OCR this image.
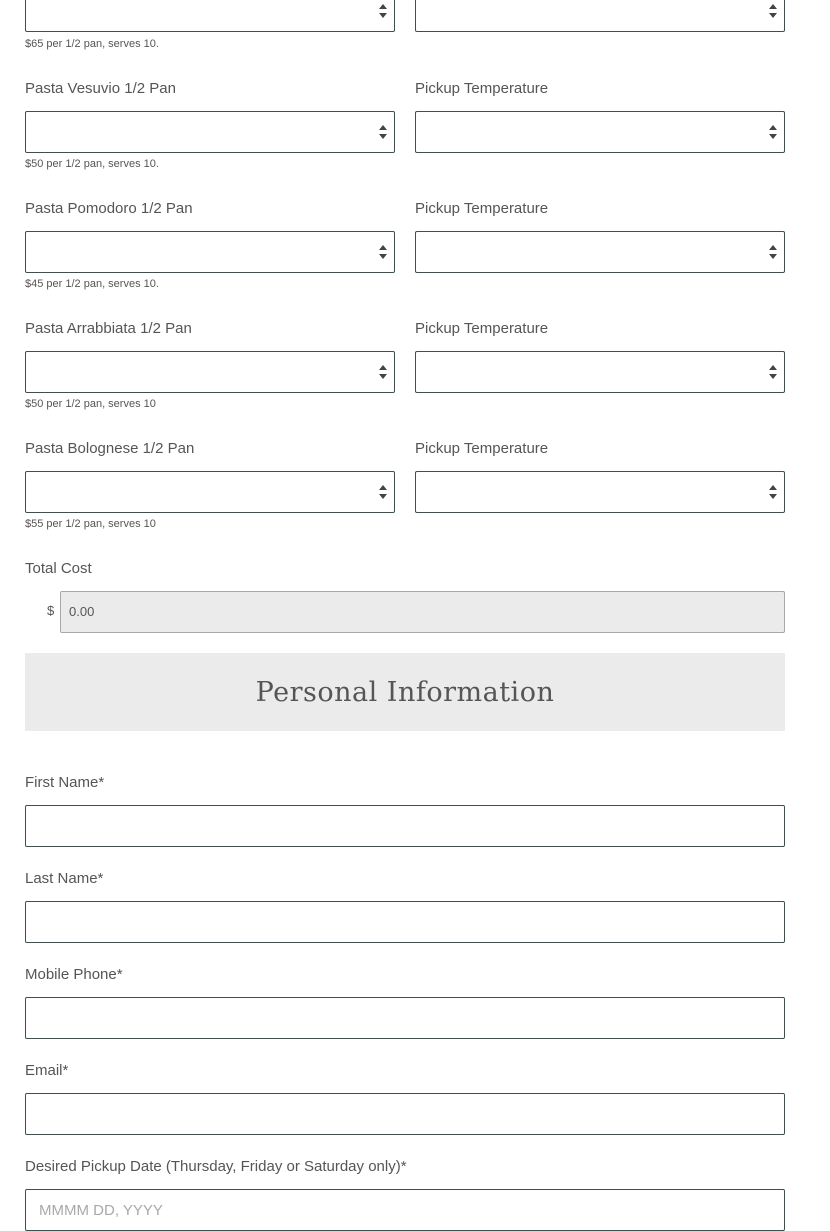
$65 per 1/2 pan, serves 10.
Pasta Vesuvio 1/2 Pan	Pickup Temperature
$50 per 1/2 pan, serves 10.
Pasta Pomodoro 1/2 Pan	Pickup Temperature
$45 per 1/2 pan, serves 10.
Pasta Arrabbiata 1/2 Pan	Pickup Temperature
$50 per 1/2 pan, serves 10
Pasta Bolognese 1/2 Pan	Pickup Temperature
$55 per 1/2 pan, serves 10
Total Cost
$	0.00
Personal Information
First Name*
Last Name*
Mobile Phone*
Email*
Desired Pickup Date (Thursday, Friday or Saturday only)*
MMMM DD, YYYY
